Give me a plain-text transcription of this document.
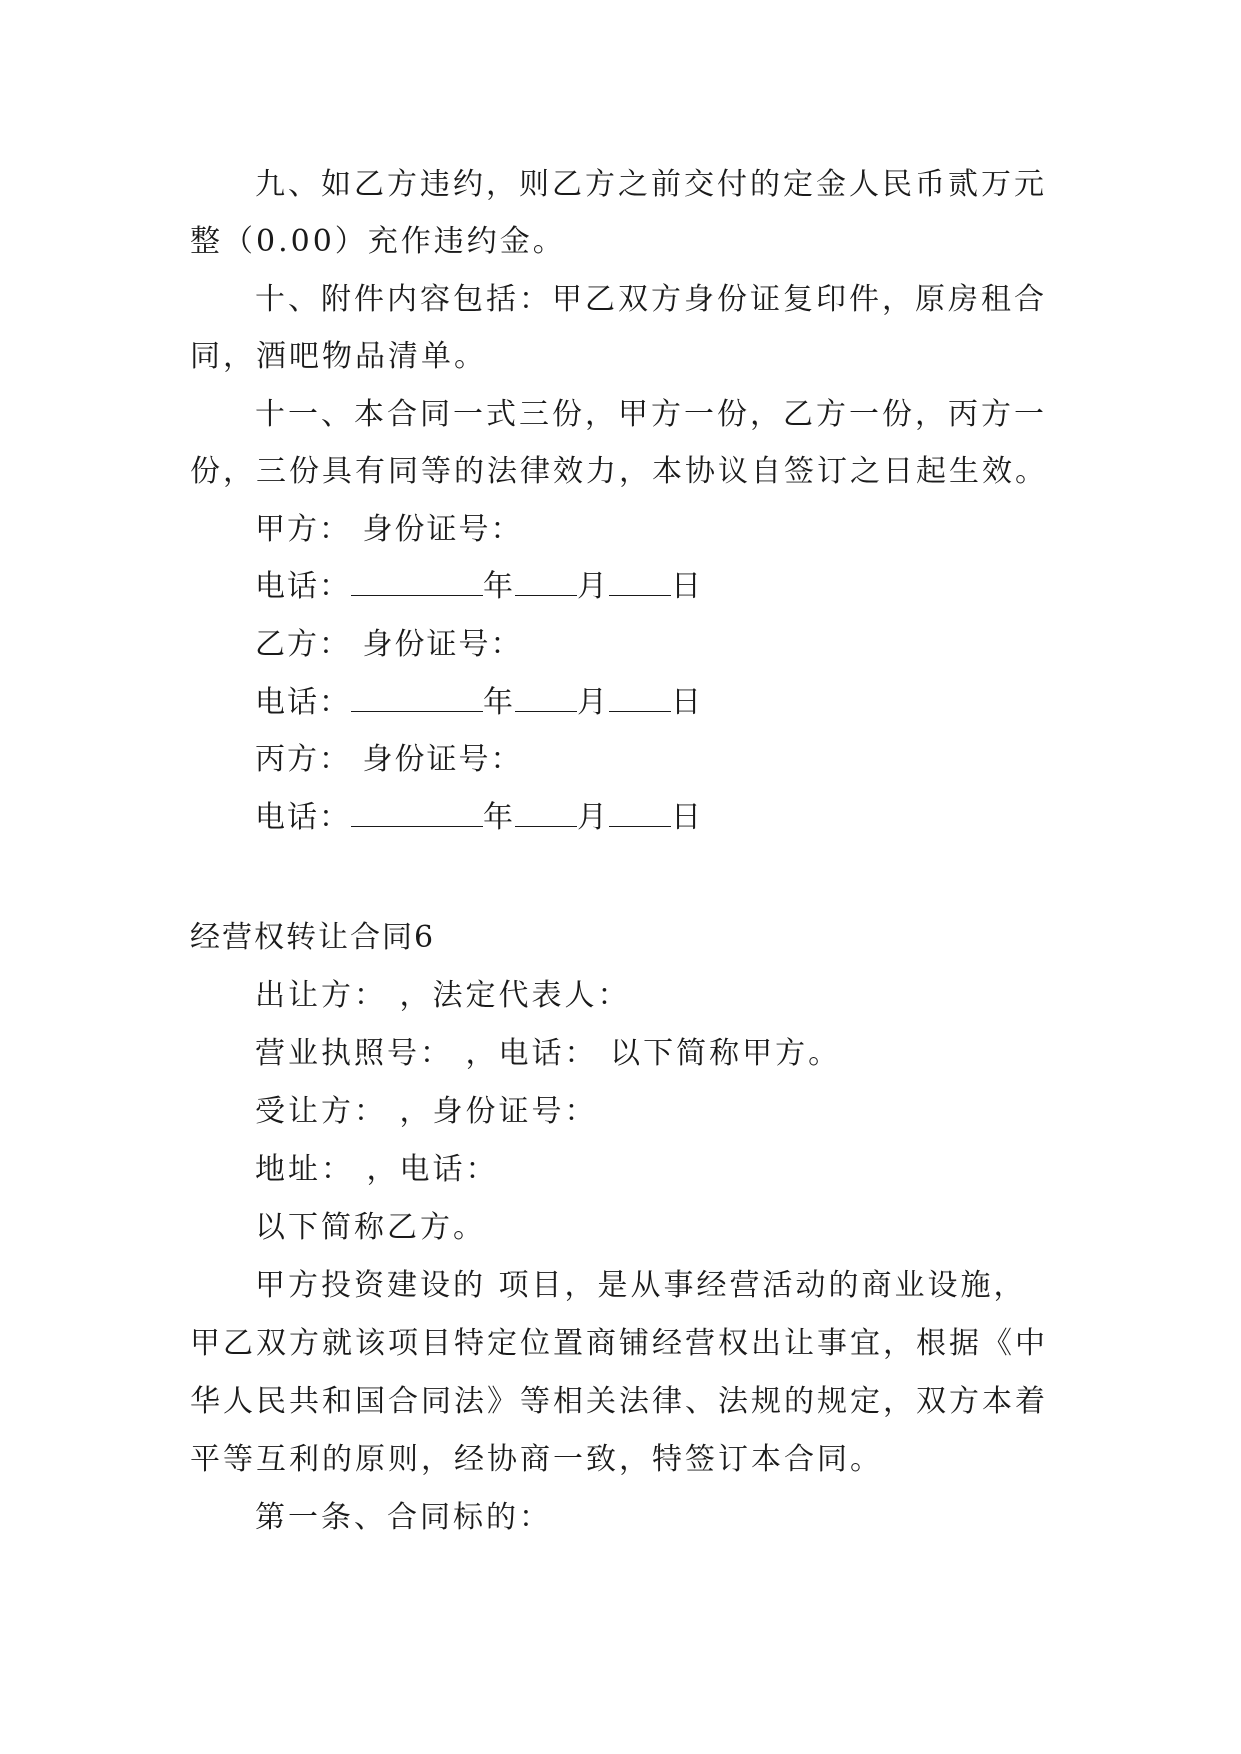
九、如乙方违约，则乙方之前交付的定金人民币贰万元
整（0.00）充作违约金。
十、附件内容包括：甲乙双方身份证复印件，原房租合
同，酒吧物品清单。
十一、本合同一式三份，甲方一份，乙方一份，丙方一
份，三份具有同等的法律效力，本协议自签订之日起生效。
甲方： 身份证号：
电话：	年 月 日
乙方： 身份证号：
电话：	年 月 日
丙方： 身份证号：
电话：	年 月 日
经营权转让合同6
出让方： ，法定代表人：
营业执照号： ，电话： 以下简称甲方。
受让方： ，身份证号：
地址： ，电话：
以下简称乙方。
甲方投资建设的 项目，是从事经营活动的商业设施，
甲乙双方就该项目特定位置商铺经营权出让事宜，根据《中
华人民共和国合同法》等相关法律、法规的规定，双方本着
平等互利的原则，经协商一致，特签订本合同。
第一条、合同标的：
